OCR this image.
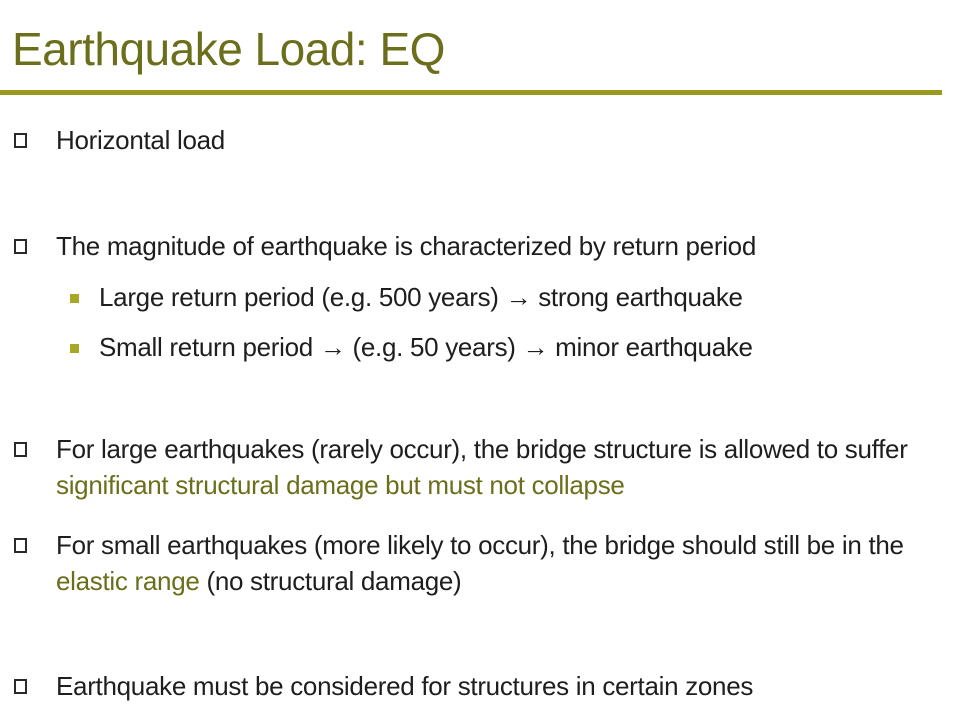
Earthquake Load: EQ
Horizontal load
The magnitude of earthquake is characterized by return period
Large return period (e.g. 500 years) → strong earthquake
Small return period → (e.g. 50 years) → minor earthquake
For large earthquakes (rarely occur), the bridge structure is allowed to suffer significant structural damage but must not collapse
For small earthquakes (more likely to occur), the bridge should still be in the elastic range (no structural damage)
Earthquake must be considered for structures in certain zones
